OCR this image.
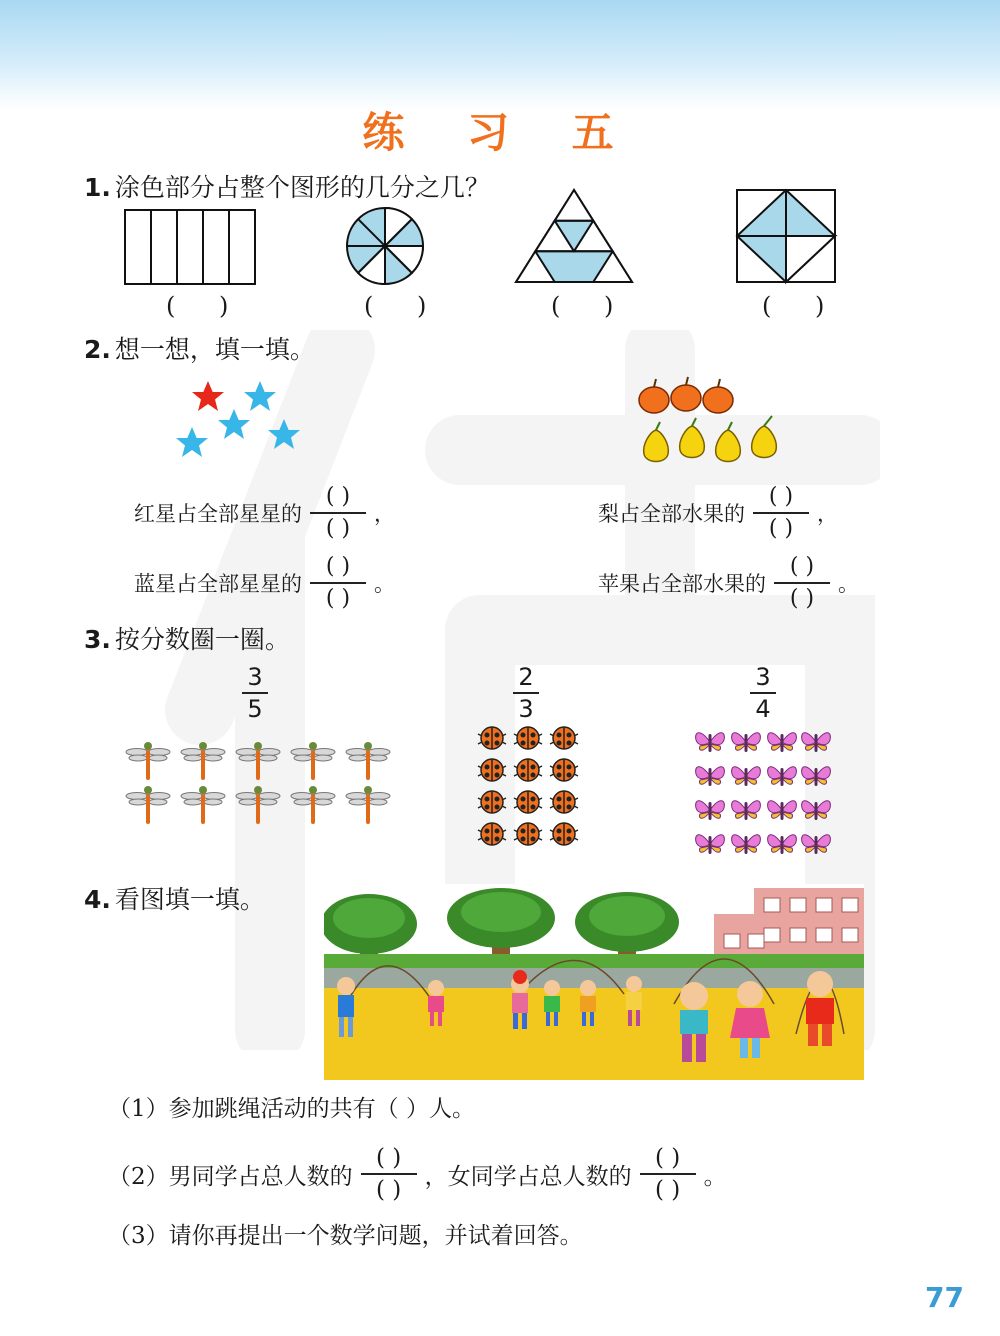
练 习 五
1. 涂色部分占整个图形的几分之几？
( )	( )	( )	( )
2. 想一想，填一填。
红星占全部星星的 $\frac{( )}{( )}$ ，
蓝星占全部星星的 $\frac{( )}{( )}$ 。
梨占全部水果的 $\frac{( )}{( )}$ ，
苹果占全部水果的 $\frac{( )}{( )}$ 。
3. 按分数圈一圈。
3
5
2
3
3
4
4. 看图填一填。
（1）参加跳绳活动的共有（ ）人。
（2）男同学占总人数的 $\frac{( )}{( )}$ ，女同学占总人数的 $\frac{( )}{( )}$ 。
（3）请你再提出一个数学问题，并试着回答。
77
